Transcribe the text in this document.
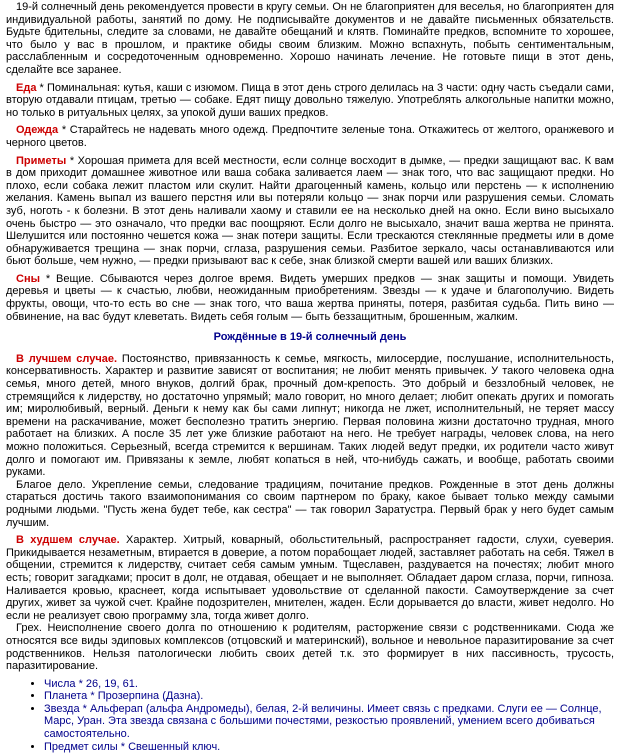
19-й солнечный день рекомендуется провести в кругу семьи. Он не благоприятен для веселья, но благоприятен для индивидуальной работы, занятий по дому. Не подписывайте документов и не давайте письменных обязательств. Будьте бдительны, следите за словами, не давайте обещаний и клятв. Поминайте предков, вспомните то хорошее, что было у вас в прошлом, и практике обиды своим близким. Можно вспахнуть, побыть сентиментальным, расслабленным и сосредоточенным одновременно. Хорошо начинать лечение. Не готовьте пищи в этот день, сделайте все заранее.

Еда * Поминальная: кутья, каши с изюмом. Пища в этот день строго делилась на 3 части: одну часть съедали сами, вторую отдавали птицам, третью — собаке. Едят пищу довольно тяжелую. Употреблять алкогольные напитки можно, но только в ритуальных целях, за упокой души ваших предков.

Одежда * Старайтесь не надевать много одежд. Предпочтите зеленые тона. Откажитесь от желтого, оранжевого и черного цветов.

Приметы * Хорошая примета для всей местности, если солнце восходит в дымке, — предки защищают вас. К вам в дом приходит домашнее животное или ваша собака заливается лаем — знак того, что вас защищают предки. Но плохо, если собака лежит пластом или скулит. Найти драгоценный камень, кольцо или перстень — к исполнению желания. Камень выпал из вашего перстня или вы потеряли кольцо — знак порчи или разрушения семьи. Сломать зуб, ноготь - к болезни. В этот день наливали хаому и ставили ее на несколько дней на окно. Если вино высыхало очень быстро — это означало, что предки вас поощряют. Если долго не высыхало, значит ваша жертва не принята. Шелушится или постоянно чешется кожа — знак потери защиты. Если трескаются стеклянные предметы или в доме обнаруживается трещина — знак порчи, сглаза, разрушения семьи. Разбитое зеркало, часы останавливаются или бьют больше, чем нужно, — предки призывают вас к себе, знак близкой смерти вашей или ваших близких.

Сны * Вещие. Сбываются через долгое время. Видеть умерших предков — знак защиты и помощи. Увидеть деревья и цветы — к счастью, любви, неожиданным приобретениям. Звезды — к удаче и благополучию. Видеть фрукты, овощи, что-то есть во сне — знак того, что ваша жертва приняты, потеря, разбитая судьба. Пить вино — обвинение, на вас будут клеветать. Видеть себя голым — быть беззащитным, брошенным, жалким.

Рождённые в 19-й солнечный день

В лучшем случае. Постоянство, привязанность к семье, мягкость, милосердие, послушание, исполнительность, консервативность. Характер и развитие зависят от воспитания; не любит менять привычек. У такого человека одна семья, много детей, много внуков, долгий брак, прочный дом-крепость. Это добрый и беззлобный человек, не стремящийся к лидерству, но достаточно упрямый; мало говорит, но много делает; любит опекать других и помогать им; миролюбивый, верный. Деньги к нему как бы сами липнут; никогда не лжет, исполнительный, не теряет массу времени на раскачивание, может бесполезно тратить энергию. Первая половина жизни достаточно трудная, много работает на близких. А после 35 лет уже близкие работают на него. Не требует награды, человек слова, на него можно положиться. Серьезный, всегда стремится к вершинам. Таких людей ведут предки, их родители часто живут долго и помогают им. Привязаны к земле, любят копаться в ней, что-нибудь сажать, и вообще, работать своими руками.

Благое дело. Укрепление семьи, следование традициям, почитание предков. Рожденные в этот день должны стараться достичь такого взаимопонимания со своим партнером по браку, какое бывает только между самыми родными людьми. "Пусть жена будет тебе, как сестра" — так говорил Заратустра. Первый брак у него будет самым лучшим.

В худшем случае. Характер. Хитрый, коварный, обольстительный, распространяет гадости, слухи, суеверия. Прикидывается незаметным, втирается в доверие, а потом порабощает людей, заставляет работать на себя. Тяжел в общении, стремится к лидерству, считает себя самым умным. Тщеславен, раздувается на почестях; любит много есть; говорит загадками; просит в долг, не отдавая, обещает и не выполняет. Обладает даром сглаза, порчи, гипноза. Наливается кровью, краснеет, когда испытывает удовольствие от сделанной пакости. Самоутверждение за счет других, живет за чужой счет. Крайне подозрителен, мнителен, жаден. Если дорывается до власти, живет недолго. Но если не реализует свою программу зла, тогда живет долго.

Грех. Неисполнение своего долга по отношению к родителям, расторжение связи с родственниками. Сюда же относятся все виды эдиповых комплексов (отцовский и материнский), вольное и невольное паразитирование за счет родственников. Нельзя патологически любить своих детей т.к. это формирует в них пассивность, трусость, паразитирование.

• Числа * 26, 19, 61.
• Планета * Прозерпина (Дазна).
• Звезда * Альферап (альфа Андромеды), белая, 2-й величины. Имеет связь с предками. Слуги ее — Солнце, Марс, Уран. Эта звезда связана с большими почестями, резкостью проявлений, умением всего добиваться самостоятельно.
• Предмет силы * Свешенный ключ.
